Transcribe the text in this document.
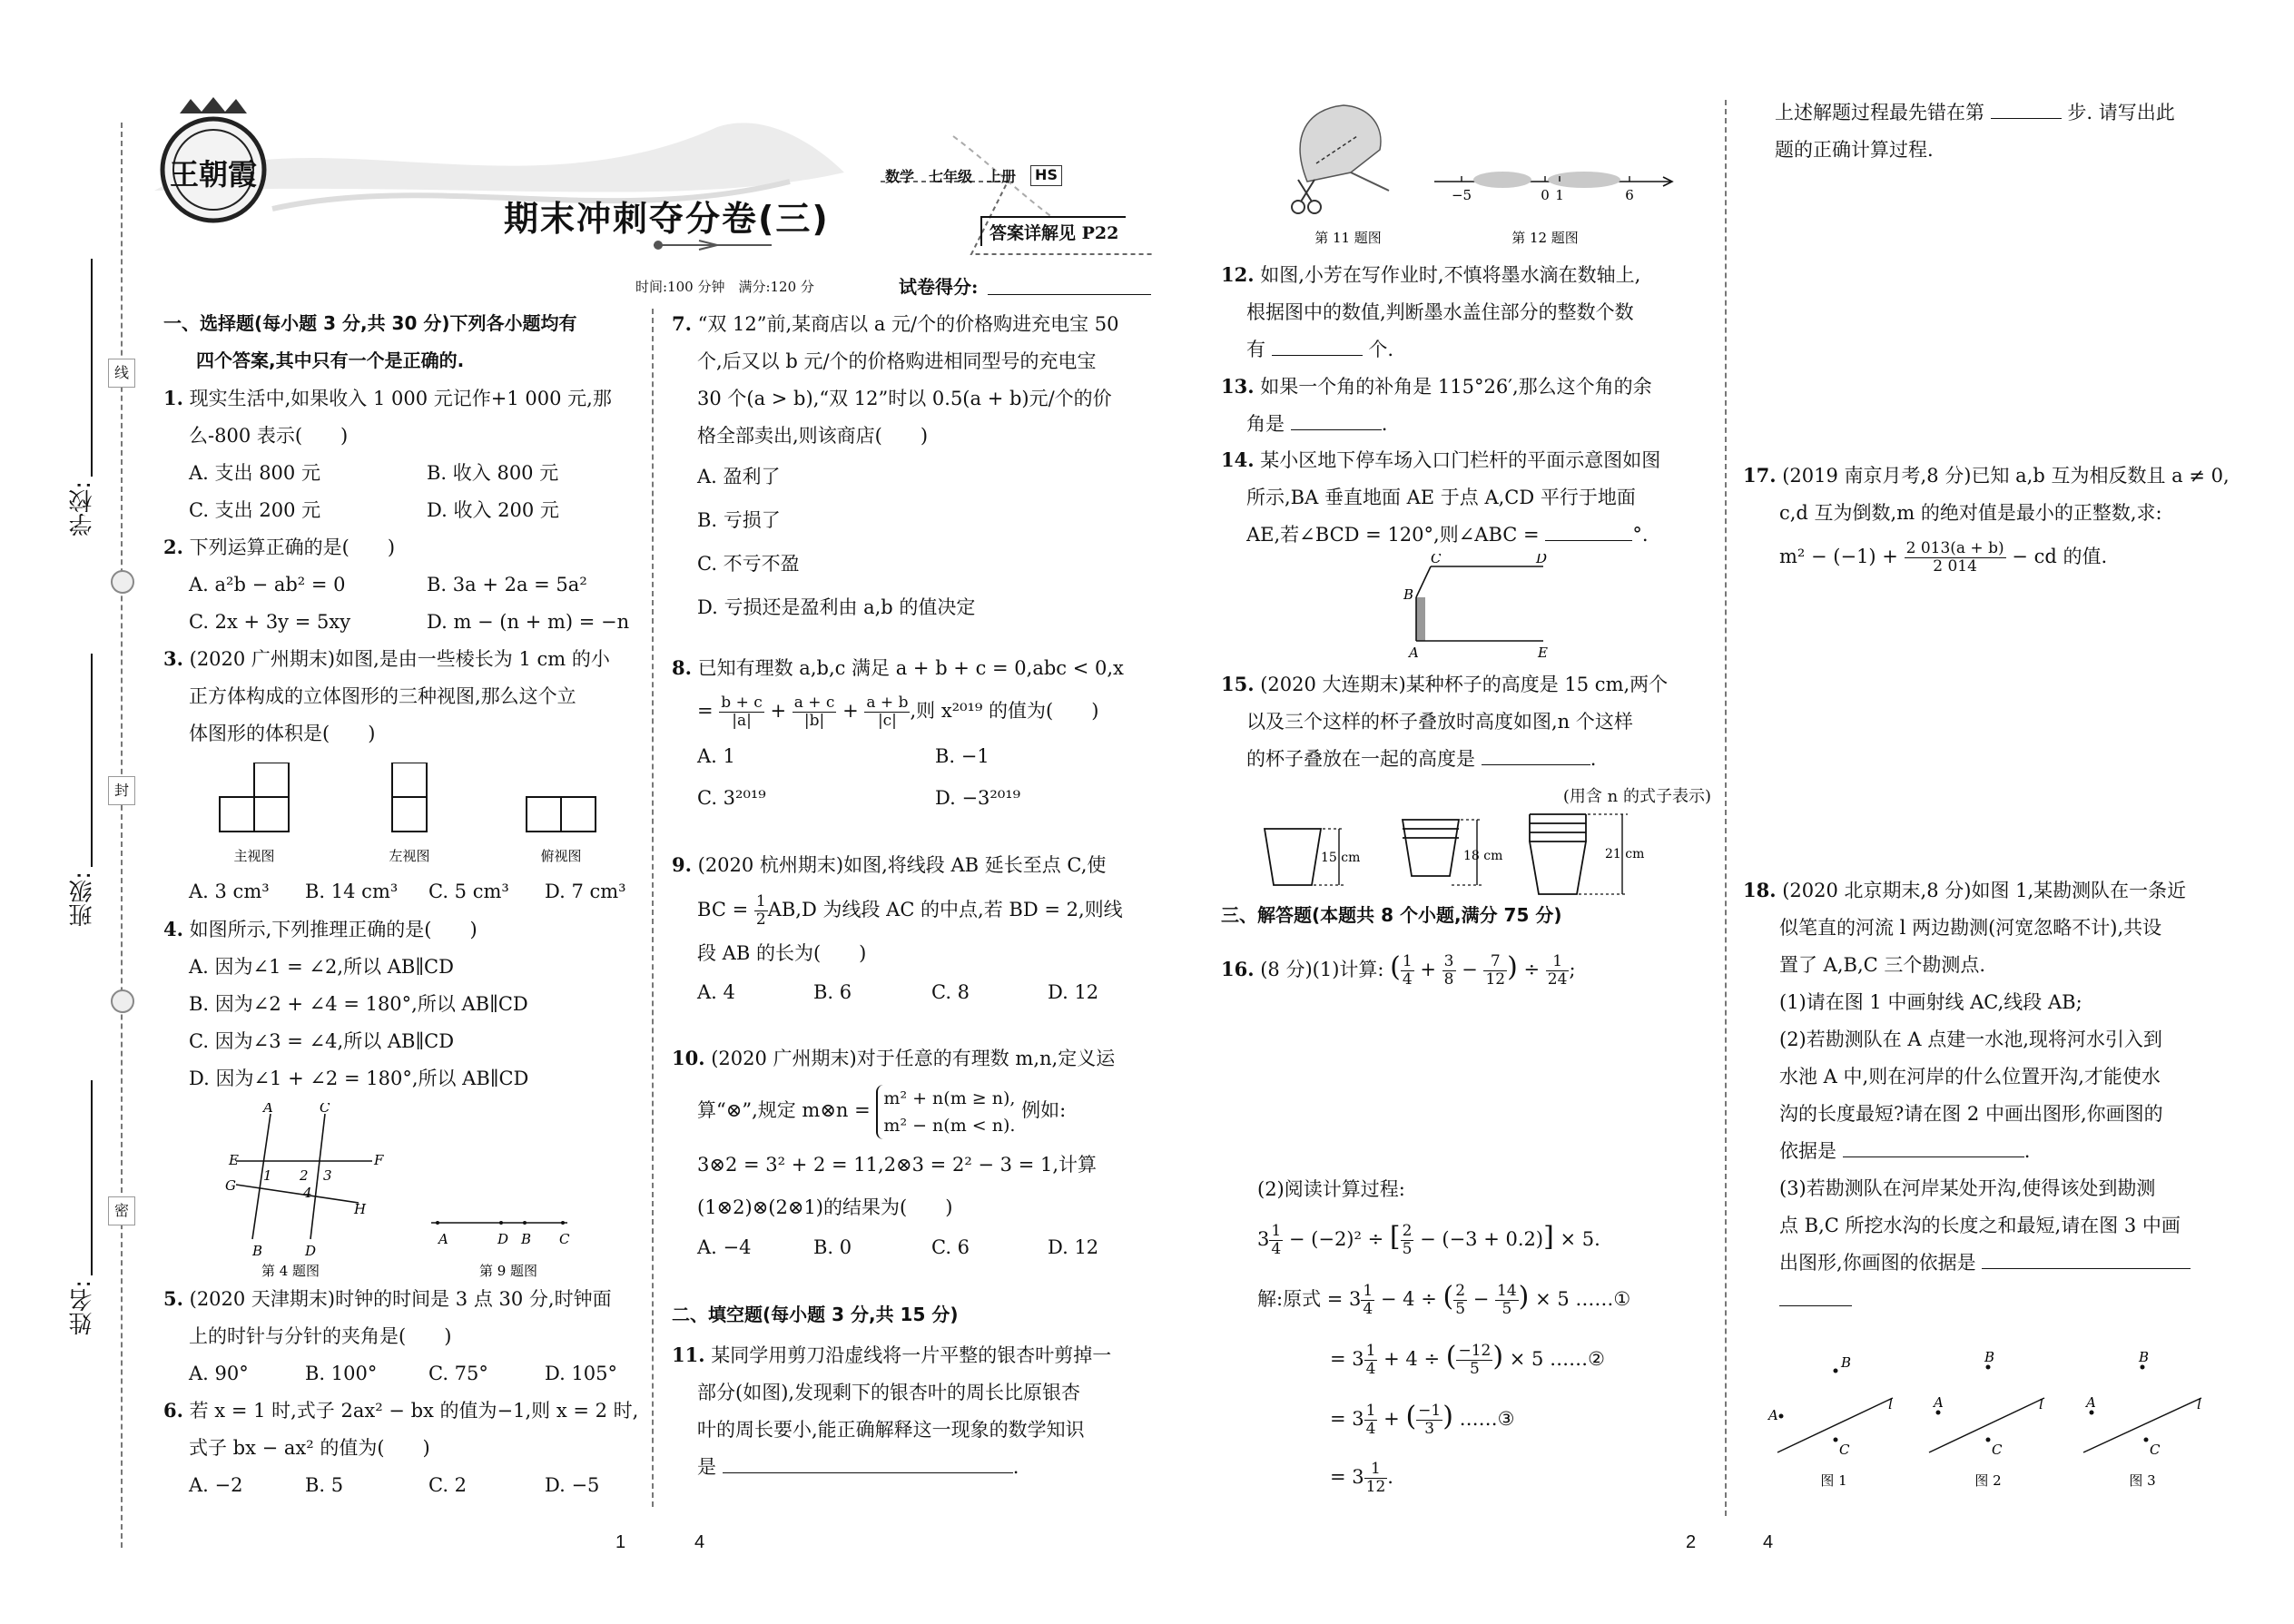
线
封
密
学校:
班级:
姓名:
王朝霞
期末冲刺夺分卷(三)
数学 七年级 上册	HS
答案详解见 P22
时间:100 分钟　满分:120 分	试卷得分:
一、选择题(每小题 3 分,共 30 分)下列各小题均有
四个答案,其中只有一个是正确的.
1. 现实生活中,如果收入 1 000 元记作+1 000 元,那
么-800 表示(　　)
A. 支出 800 元	B. 收入 800 元
C. 支出 200 元	D. 收入 200 元
2. 下列运算正确的是(　　)
A. a²b − ab² = 0	B. 3a + 2a = 5a²
C. 2x + 3y = 5xy	D. m − (n + m) = −n
3. (2020 广州期末)如图,是由一些棱长为 1 cm 的小
正方体构成的立体图形的三种视图,那么这个立
体图形的体积是(　　)
主视图	左视图	俯视图
A. 3 cm³	B. 14 cm³	C. 5 cm³	D. 7 cm³
4. 如图所示,下列推理正确的是(　　)
A. 因为∠1 = ∠2,所以 AB∥CD
B. 因为∠2 + ∠4 = 180°,所以 AB∥CD
C. 因为∠3 = ∠4,所以 AB∥CD
D. 因为∠1 + ∠2 = 180°,所以 AB∥CD
A	C
E	F
G
H
1 2 3
4
B	D
A	D B C
第 4 题图	第 9 题图
5. (2020 天津期末)时钟的时间是 3 点 30 分,时钟面
上的时针与分针的夹角是(　　)
A. 90°	B. 100°	C. 75°	D. 105°
6. 若 x = 1 时,式子 2ax² − bx 的值为−1,则 x = 2 时,
式子 bx − ax² 的值为(　　)
A. −2	B. 5	C. 2	D. −5
7. “双 12”前,某商店以 a 元/个的价格购进充电宝 50
个,后又以 b 元/个的价格购进相同型号的充电宝
30 个(a > b),“双 12”时以 0.5(a + b)元/个的价
格全部卖出,则该商店(　　)
A. 盈利了
B. 亏损了
C. 不亏不盈
D. 亏损还是盈利由 a,b 的值决定
8. 已知有理数 a,b,c 满足 a + b + c = 0,abc < 0,x
= $\frac{b + c}{|a|} + \frac{a + c}{|b|} + \frac{a + b}{|c|}$ ,则 x²⁰¹⁹ 的值为(　　)
A. 1	B. −1
C. 3²⁰¹⁹	D. −3²⁰¹⁹
9. (2020 杭州期末)如图,将线段 AB 延长至点 C,使
BC = $\frac{1}{2} AB,D$ 为线段 AC 的中点,若 BD = 2,则线
段 AB 的长为(　　)
A. 4	B. 6	C. 8	D. 12
10. (2020 广州期末)对于任意的有理数 m,n,定义运
算“⊗”,规定 m⊗n =
m² + n(m ≥ n),
m² − n(m < n).
例如:
3⊗2 = 3² + 2 = 11,2⊗3 = 2² − 3 = 1,计算
(1⊗2)⊗(2⊗1)的结果为(　　)
A. −4	B. 0	C. 6	D. 12
二、填空题(每小题 3 分,共 15 分)
11. 某同学用剪刀沿虚线将一片平整的银杏叶剪掉一
部分(如图),发现剩下的银杏叶的周长比原银杏
叶的周长要小,能正确解释这一现象的数学知识
是	.
−5	0 1	6
第 11 题图	第 12 题图
12. 如图,小芳在写作业时,不慎将墨水滴在数轴上,
根据图中的数值,判断墨水盖住部分的整数个数
有	个.
13. 如果一个角的补角是 115°26′,那么这个角的余
角是	.
14. 某小区地下停车场入口门栏杆的平面示意图如图
所示,BA 垂直地面 AE 于点 A,CD 平行于地面
AE,若∠BCD = 120°,则∠ABC =	°.
C	D
B
A	E
15. (2020 大连期末)某种杯子的高度是 15 cm,两个
以及三个这样的杯子叠放时高度如图,n 个这样
的杯子叠放在一起的高度是	.
(用含 n 的式子表示)
15 cm	18 cm	21 cm
三、解答题(本题共 8 个小题,满分 75 分)
16. (8 分)(1)计算: ( $\frac{1}{4} + \frac{3}{8} - \frac{7}{12}$ ) ÷ $\frac{1}{24}$ ;
(2)阅读计算过程:
$3 \frac{1}{4} - (-2)^2$ ÷ [ $\frac{2}{5} - (-3 + 0.2)] \times 5$.
解:原式 = $3 \frac{1}{4} - 4$ ÷ ( $\frac{2}{5} - \frac{14}{5}$ ) × 5 ……①
= $3 \frac{1}{4} + 4$ ÷ ( $\frac{-12}{5}$ ) × 5 ……②
= $3 \frac{1}{4}$ + ( $\frac{-1}{3}$ ) ……③
= $3 \frac{1}{12}$ .
上述解题过程最先错在第	步. 请写出此
题的正确计算过程.
17. (2019 南京月考,8 分)已知 a,b 互为相反数且 a ≠ 0,
c,d 互为倒数,m 的绝对值是最小的正整数,求:
$m^2 - (-1) + \frac{2 013(a + b)}{2 014}$ − cd 的值.
18. (2020 北京期末,8 分)如图 1,某勘测队在一条近
似笔直的河流 l 两边勘测(河宽忽略不计),共设
置了 A,B,C 三个勘测点.
(1)请在图 1 中画射线 AC,线段 AB;
(2)若勘测队在 A 点建一水池,现将河水引入到
水池 A 中,则在河岸的什么位置开沟,才能使水
沟的长度最短?请在图 2 中画出图形,你画图的
依据是	.
(3)若勘测队在河岸某处开沟,使得该处到勘测
点 B,C 所挖水沟的长度之和最短,请在图 3 中画
出图形,你画图的依据是
B
A
C
l
B
A
C
l
B
A
C
l
图 1	图 2	图 3
1	4	2	4
